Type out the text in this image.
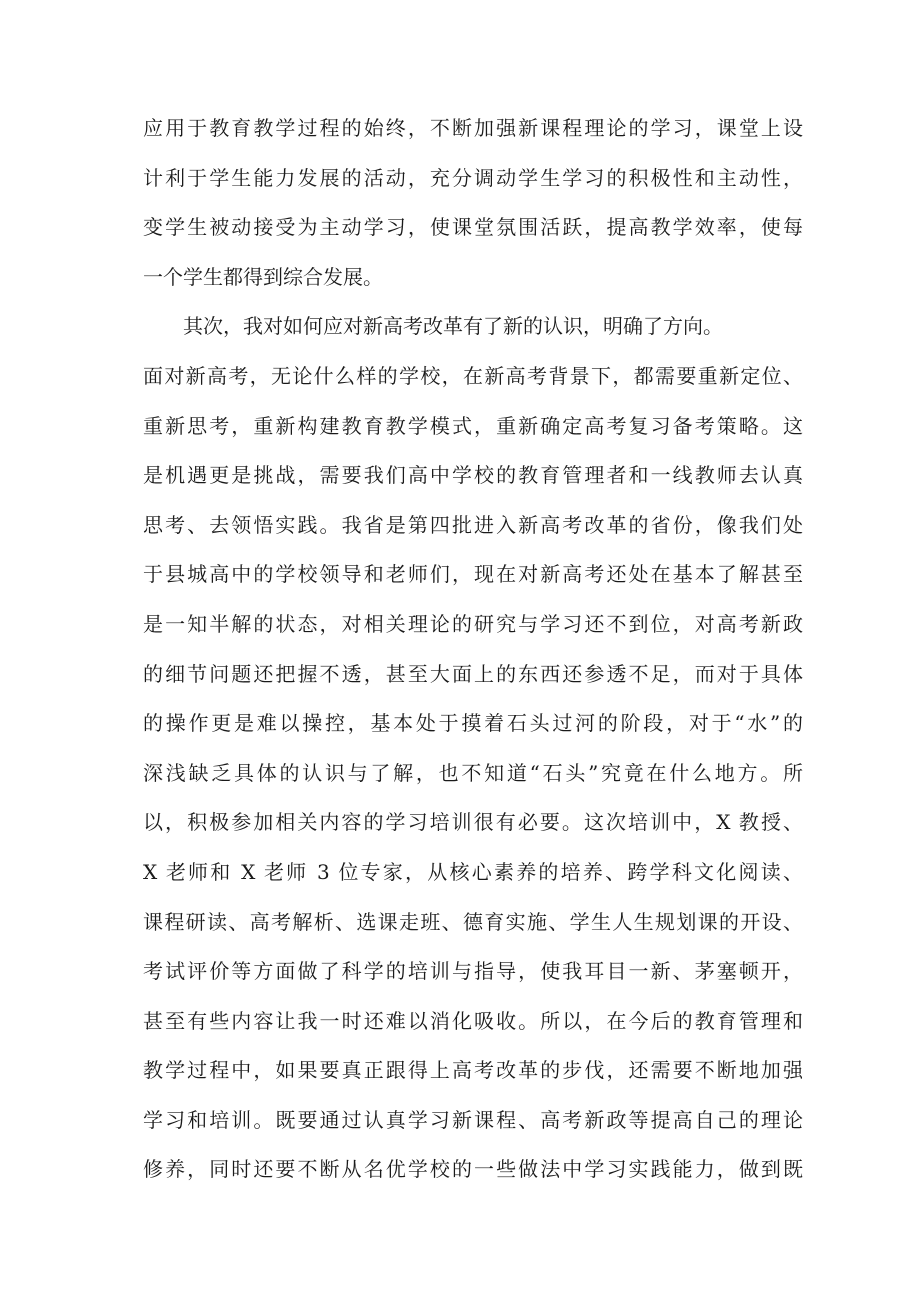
应用于教育教学过程的始终，不断加强新课程理论的学习，课堂上设
计利于学生能力发展的活动，充分调动学生学习的积极性和主动性，
变学生被动接受为主动学习，使课堂氛围活跃，提高教学效率，使每
一个学生都得到综合发展。
其次，我对如何应对新高考改革有了新的认识，明确了方向。
面对新高考，无论什么样的学校，在新高考背景下，都需要重新定位、
重新思考，重新构建教育教学模式，重新确定高考复习备考策略。这
是机遇更是挑战，需要我们高中学校的教育管理者和一线教师去认真
思考、去领悟实践。我省是第四批进入新高考改革的省份，像我们处
于县城高中的学校领导和老师们，现在对新高考还处在基本了解甚至
是一知半解的状态，对相关理论的研究与学习还不到位，对高考新政
的细节问题还把握不透，甚至大面上的东西还参透不足，而对于具体
的操作更是难以操控，基本处于摸着石头过河的阶段，对于“水”的
深浅缺乏具体的认识与了解，也不知道“石头”究竟在什么地方。所
以，积极参加相关内容的学习培训很有必要。这次培训中，X 教授、
X 老师和 X 老师 3 位专家，从核心素养的培养、跨学科文化阅读、
课程研读、高考解析、选课走班、德育实施、学生人生规划课的开设、
考试评价等方面做了科学的培训与指导，使我耳目一新、茅塞顿开，
甚至有些内容让我一时还难以消化吸收。所以，在今后的教育管理和
教学过程中，如果要真正跟得上高考改革的步伐，还需要不断地加强
学习和培训。既要通过认真学习新课程、高考新政等提高自己的理论
修养，同时还要不断从名优学校的一些做法中学习实践能力，做到既
